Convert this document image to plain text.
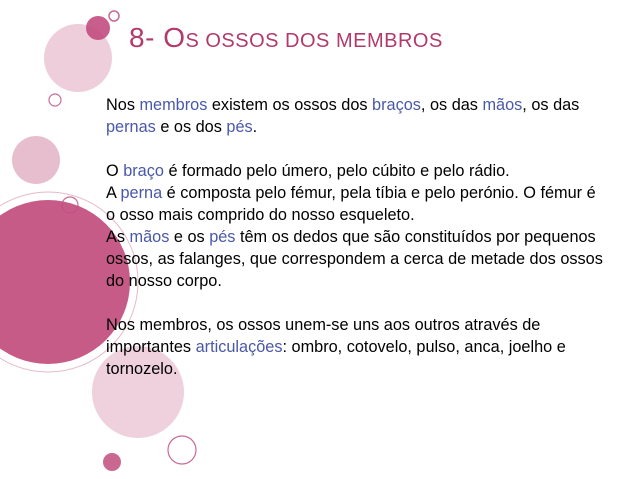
8- OS OSSOS DOS MEMBROS

Nos membros existem os ossos dos braços, os das mãos, os das pernas e os dos pés.

O braço é formado pelo úmero, pelo cúbito e pelo rádio.

A perna é composta pelo fémur, pela tíbia e pelo perónio. O fémur é o osso mais comprido do nosso esqueleto.

As mãos e os pés têm os dedos que são constituídos por pequenos ossos, as falanges, que correspondem a cerca de metade dos ossos do nosso corpo.

Nos membros, os ossos unem-se uns aos outros através de importantes articulações: ombro, cotovelo, pulso, anca, joelho e tornozelo.
